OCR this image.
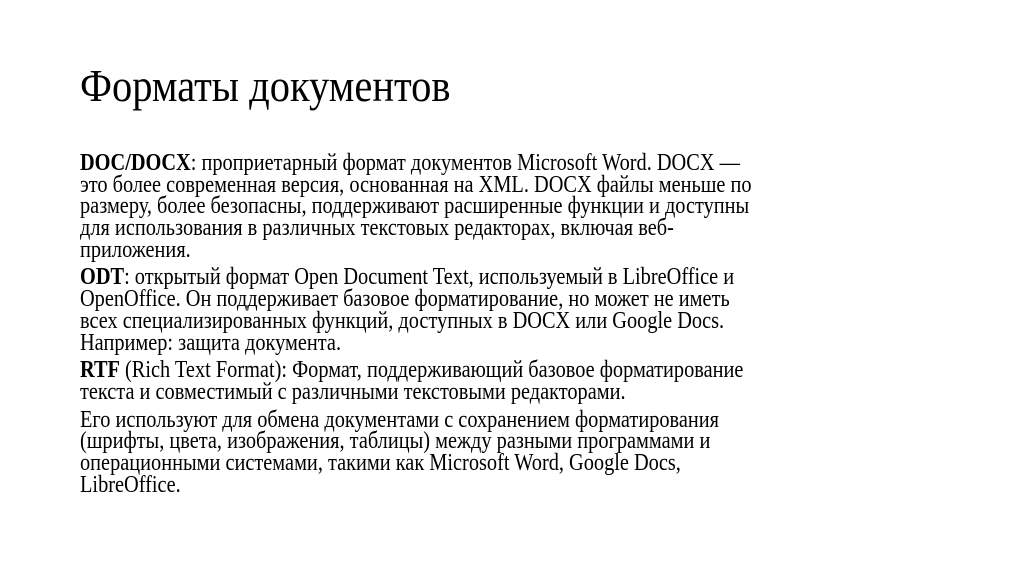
Форматы документов
DOC/DOCX: проприетарный формат документов Microsoft Word. DOCX —
это более современная версия, основанная на XML. DOCX файлы меньше по
размеру, более безопасны, поддерживают расширенные функции и доступны
для использования в различных текстовых редакторах, включая веб-
приложения.
ODT: открытый формат Open Document Text, используемый в LibreOffice и
OpenOffice. Он поддерживает базовое форматирование, но может не иметь
всех специализированных функций, доступных в DOCX или Google Docs.
Например: защита документа.
RTF (Rich Text Format): Формат, поддерживающий базовое форматирование
текста и совместимый с различными текстовыми редакторами.
Его используют для обмена документами с сохранением форматирования
(шрифты, цвета, изображения, таблицы) между разными программами и
операционными системами, такими как Microsoft Word, Google Docs,
LibreOffice.
